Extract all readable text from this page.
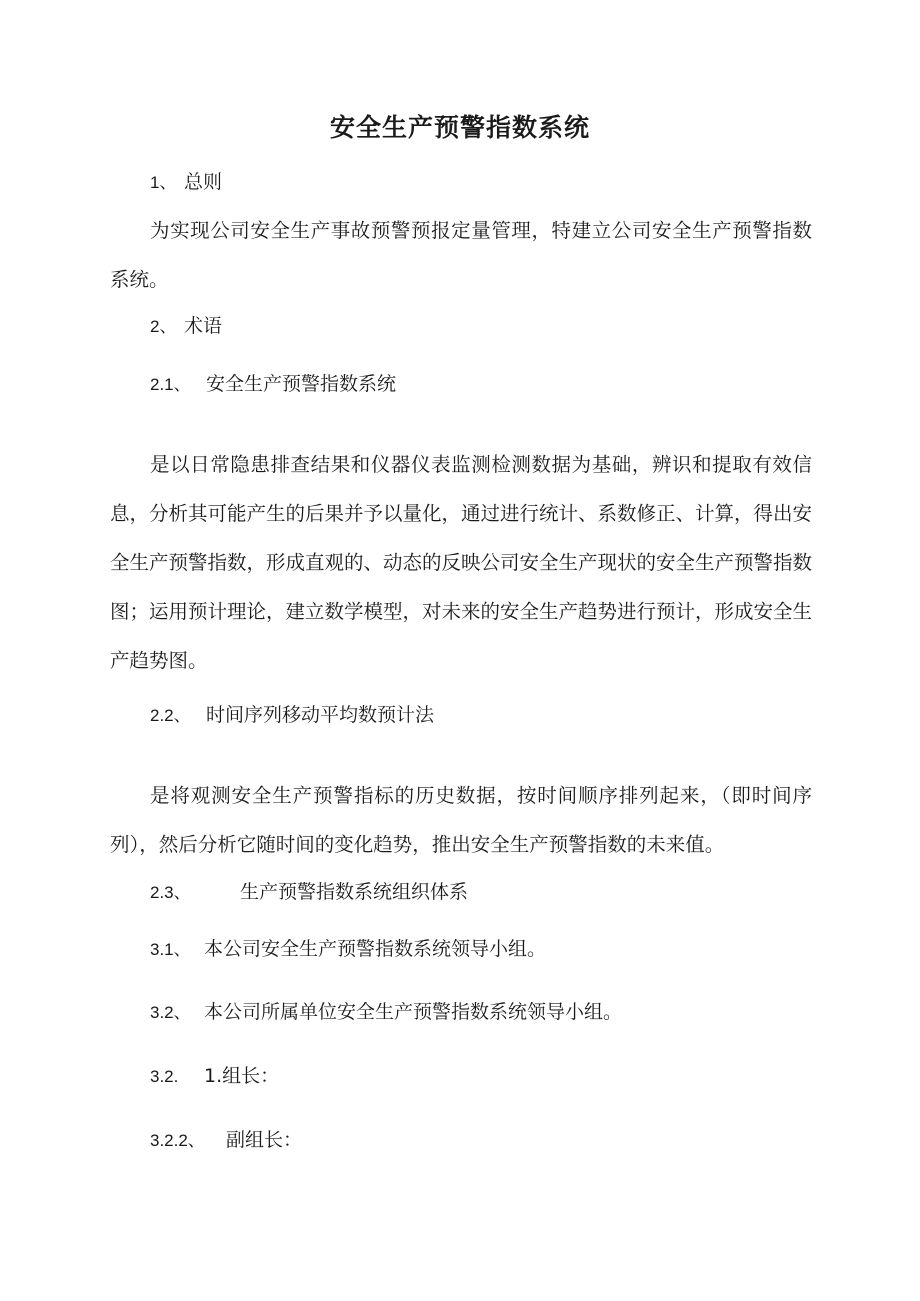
安全生产预警指数系统
1、 总则
为实现公司安全生产事故预警预报定量管理，特建立公司安全生产预警指数系统。
2、 术语
2.1、 安全生产预警指数系统
是以日常隐患排查结果和仪器仪表监测检测数据为基础，辨识和提取有效信息，分析其可能产生的后果并予以量化，通过进行统计、系数修正、计算，得出安全生产预警指数，形成直观的、动态的反映公司安全生产现状的安全生产预警指数图；运用预计理论，建立数学模型，对未来的安全生产趋势进行预计，形成安全生产趋势图。
2.2、 时间序列移动平均数预计法
是将观测安全生产预警指标的历史数据，按时间顺序排列起来，（即时间序列），然后分析它随时间的变化趋势，推出安全生产预警指数的未来值。
2.3、	生产预警指数系统组织体系
3.1、 本公司安全生产预警指数系统领导小组。
3.2、 本公司所属单位安全生产预警指数系统领导小组。
3.2. 1.组长：
3.2.2、 副组长：
